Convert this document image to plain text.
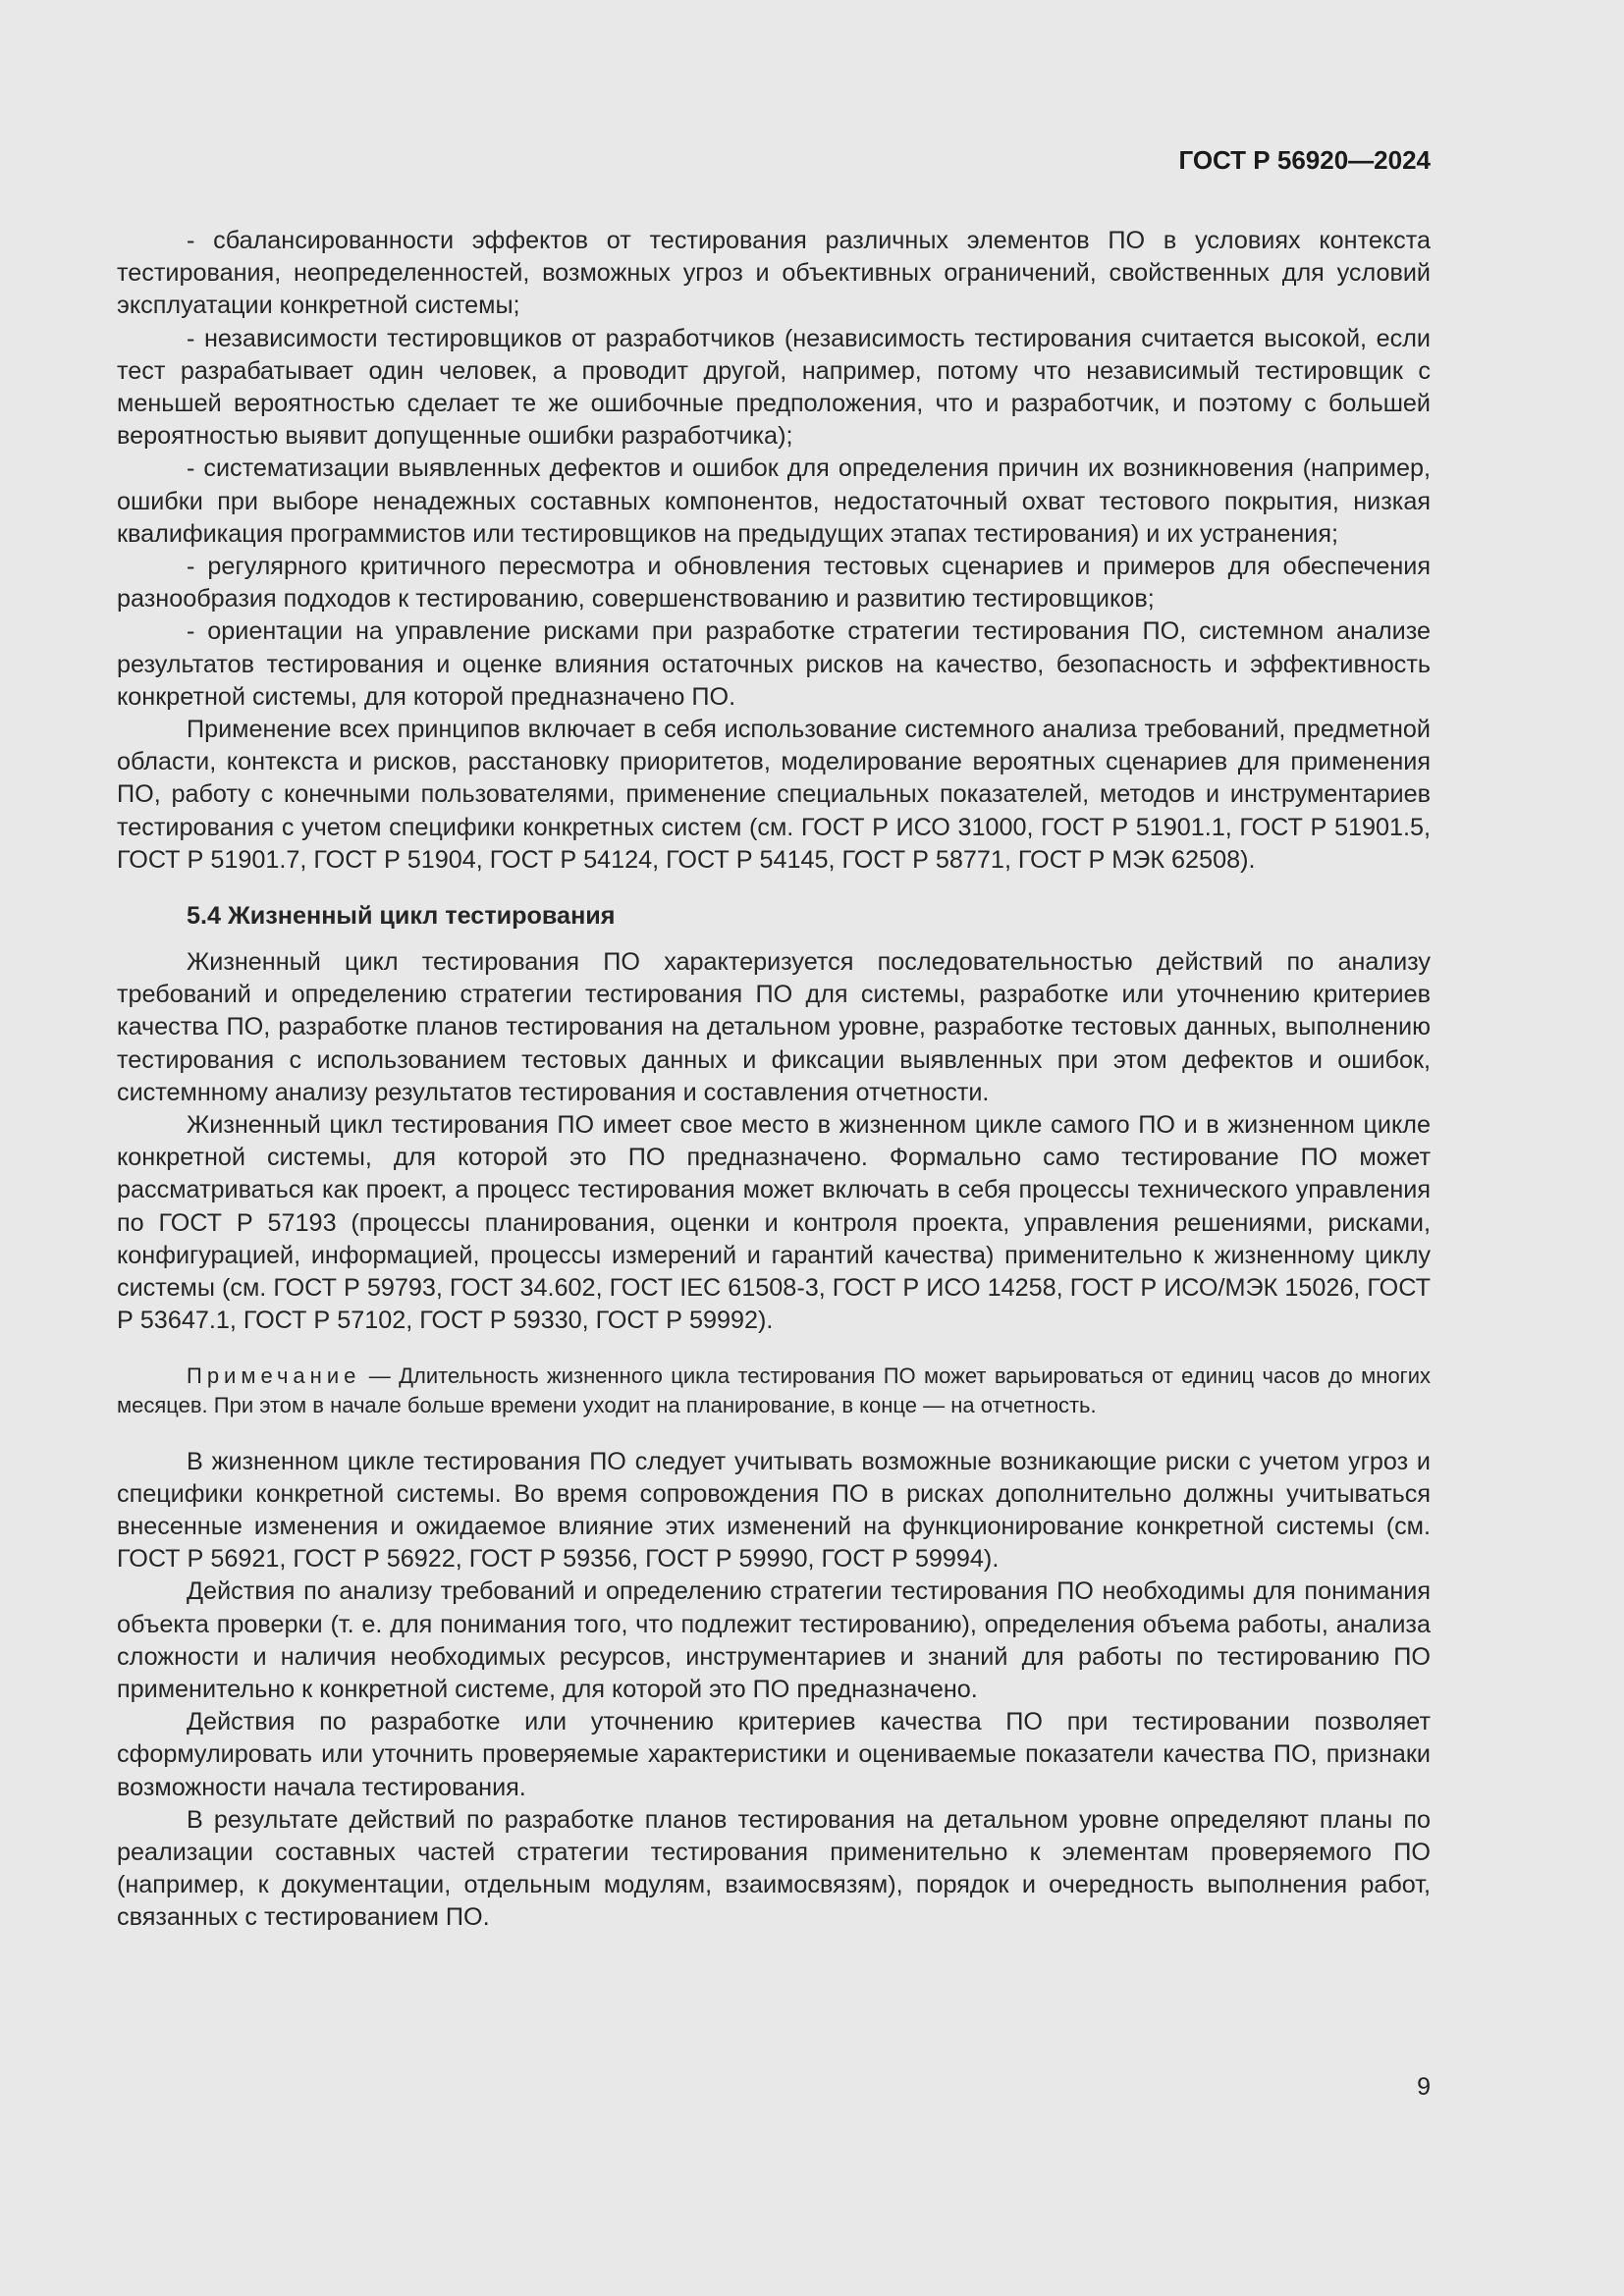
ГОСТ Р 56920—2024

- сбалансированности эффектов от тестирования различных элементов ПО в условиях контекста тестирования, неопределенностей, возможных угроз и объективных ограничений, свойственных для условий эксплуатации конкретной системы;

- независимости тестировщиков от разработчиков (независимость тестирования считается высокой, если тест разрабатывает один человек, а проводит другой, например, потому что независимый тестировщик с меньшей вероятностью сделает те же ошибочные предположения, что и разработчик, и поэтому с большей вероятностью выявит допущенные ошибки разработчика);

- систематизации выявленных дефектов и ошибок для определения причин их возникновения (например, ошибки при выборе ненадежных составных компонентов, недостаточный охват тестового покрытия, низкая квалификация программистов или тестировщиков на предыдущих этапах тестирования) и их устранения;

- регулярного критичного пересмотра и обновления тестовых сценариев и примеров для обеспечения разнообразия подходов к тестированию, совершенствованию и развитию тестировщиков;

- ориентации на управление рисками при разработке стратегии тестирования ПО, системном анализе результатов тестирования и оценке влияния остаточных рисков на качество, безопасность и эффективность конкретной системы, для которой предназначено ПО.

Применение всех принципов включает в себя использование системного анализа требований, предметной области, контекста и рисков, расстановку приоритетов, моделирование вероятных сценариев для применения ПО, работу с конечными пользователями, применение специальных показателей, методов и инструментариев тестирования с учетом специфики конкретных систем (см. ГОСТ Р ИСО 31000, ГОСТ Р 51901.1, ГОСТ Р 51901.5, ГОСТ Р 51901.7, ГОСТ Р 51904, ГОСТ Р 54124, ГОСТ Р 54145, ГОСТ Р 58771, ГОСТ Р МЭК 62508).

5.4 Жизненный цикл тестирования

Жизненный цикл тестирования ПО характеризуется последовательностью действий по анализу требований и определению стратегии тестирования ПО для системы, разработке или уточнению критериев качества ПО, разработке планов тестирования на детальном уровне, разработке тестовых данных, выполнению тестирования с использованием тестовых данных и фиксации выявленных при этом дефектов и ошибок, системнному анализу результатов тестирования и составления отчетности.

Жизненный цикл тестирования ПО имеет свое место в жизненном цикле самого ПО и в жизненном цикле конкретной системы, для которой это ПО предназначено. Формально само тестирование ПО может рассматриваться как проект, а процесс тестирования может включать в себя процессы технического управления по ГОСТ Р 57193 (процессы планирования, оценки и контроля проекта, управления решениями, рисками, конфигурацией, информацией, процессы измерений и гарантий качества) применительно к жизненному циклу системы (см. ГОСТ Р 59793, ГОСТ 34.602, ГОСТ IEC 61508-3, ГОСТ Р ИСО 14258, ГОСТ Р ИСО/МЭК 15026, ГОСТ Р 53647.1, ГОСТ Р 57102, ГОСТ Р 59330, ГОСТ Р 59992).

Примечание — Длительность жизненного цикла тестирования ПО может варьироваться от единиц часов до многих месяцев. При этом в начале больше времени уходит на планирование, в конце — на отчетность.

В жизненном цикле тестирования ПО следует учитывать возможные возникающие риски с учетом угроз и специфики конкретной системы. Во время сопровождения ПО в рисках дополнительно должны учитываться внесенные изменения и ожидаемое влияние этих изменений на функционирование конкретной системы (см. ГОСТ Р 56921, ГОСТ Р 56922, ГОСТ Р 59356, ГОСТ Р 59990, ГОСТ Р 59994).

Действия по анализу требований и определению стратегии тестирования ПО необходимы для понимания объекта проверки (т. е. для понимания того, что подлежит тестированию), определения объема работы, анализа сложности и наличия необходимых ресурсов, инструментариев и знаний для работы по тестированию ПО применительно к конкретной системе, для которой это ПО предназначено.

Действия по разработке или уточнению критериев качества ПО при тестировании позволяет сформулировать или уточнить проверяемые характеристики и оцениваемые показатели качества ПО, признаки возможности начала тестирования.

В результате действий по разработке планов тестирования на детальном уровне определяют планы по реализации составных частей стратегии тестирования применительно к элементам проверяемого ПО (например, к документации, отдельным модулям, взаимосвязям), порядок и очередность выполнения работ, связанных с тестированием ПО.

9
